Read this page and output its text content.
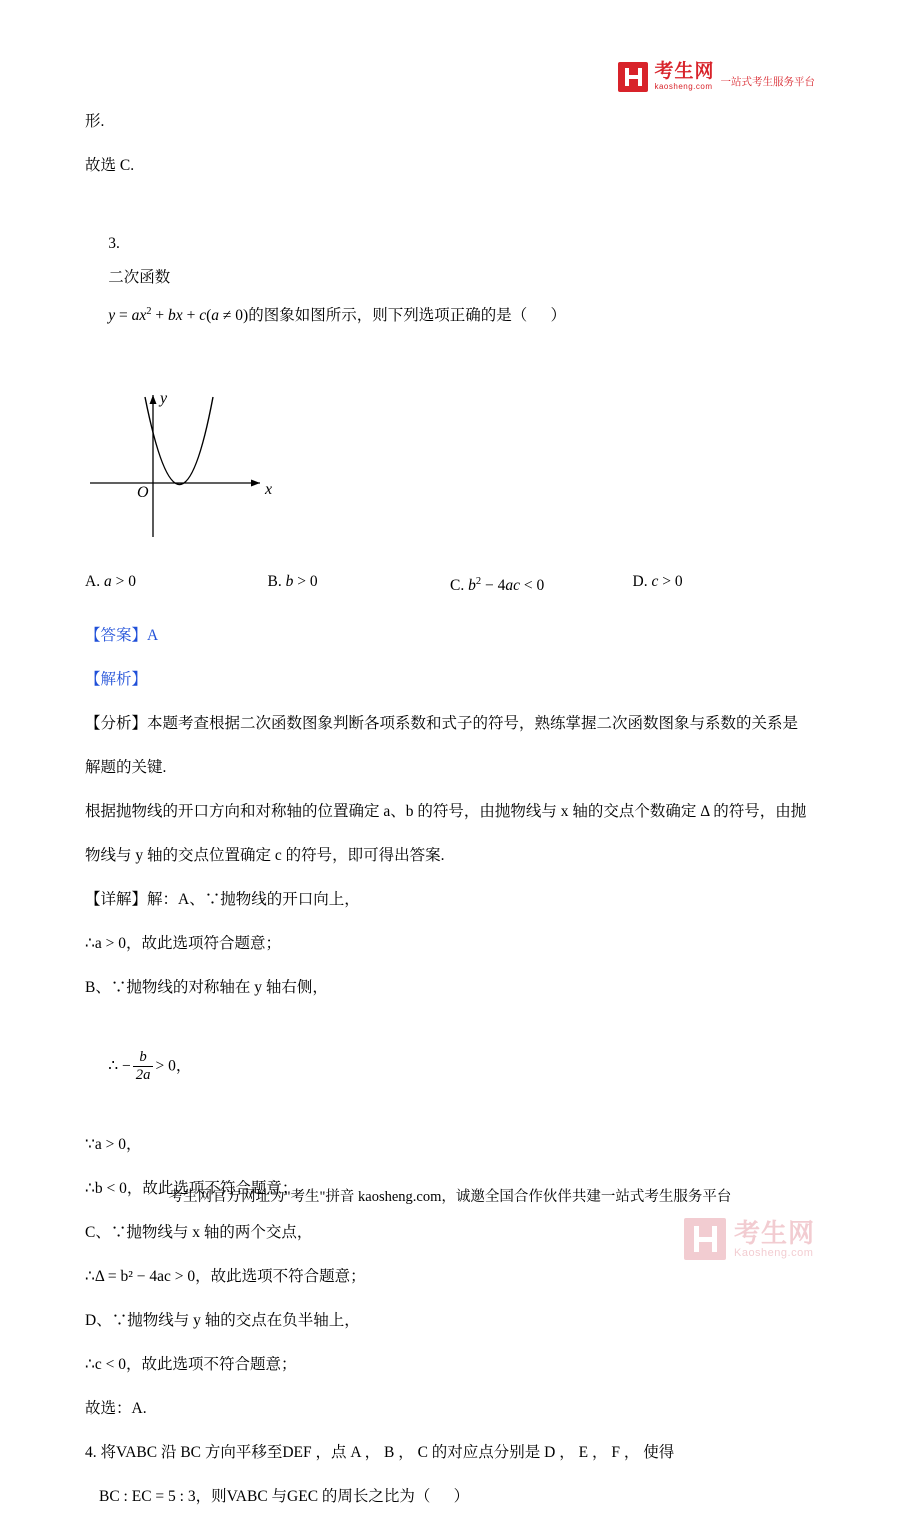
考生网
kaosheng.com 一站式考生服务平台

形.

故选 C.

3.
二次函数
$y = ax^2$ + bx + c(a ≠ 0)的图象如图所示，则下列选项正确的是（      ）

y
x
O
A. a > 0	B. b > 0	C. $b^2 - 4ac < 0$	D. c > 0

【答案】A

【解析】

【分析】本题考查根据二次函数图象判断各项系数和式子的符号，熟练掌握二次函数图象与系数的关系是

解题的关键.

根据抛物线的开口方向和对称轴的位置确定 a、b 的符号，由抛物线与 x 轴的交点个数确定 Δ 的符号，由抛

物线与 y 轴的交点位置确定 c 的符号，即可得出答案.

【详解】解：A、∵抛物线的开口向上，

∴a > 0，故此选项符合题意；

B、∵抛物线的对称轴在 y 轴右侧，

∴ − $\frac{b}{2a} > 0$，

∵a > 0，

∴b < 0，故此选项不符合题意；

C、∵抛物线与 x 轴的两个交点，

∴Δ = b² − 4ac > 0，故此选项不符合题意；

D、∵抛物线与 y 轴的交点在负半轴上，

∴c < 0，故此选项不符合题意；

故选：A.

4. 将VABC 沿 BC 方向平移至DEF ，点 A ， B ， C 的对应点分别是 D ， E ， F ， 使得

BC : EC = 5 : 3，则VABC 与GEC 的周长之比为（      ）

考生网官方网址为"考生"拼音 kaosheng.com，诚邀全国合作伙伴共建一站式考生服务平台
考生网
Kaosheng.com
